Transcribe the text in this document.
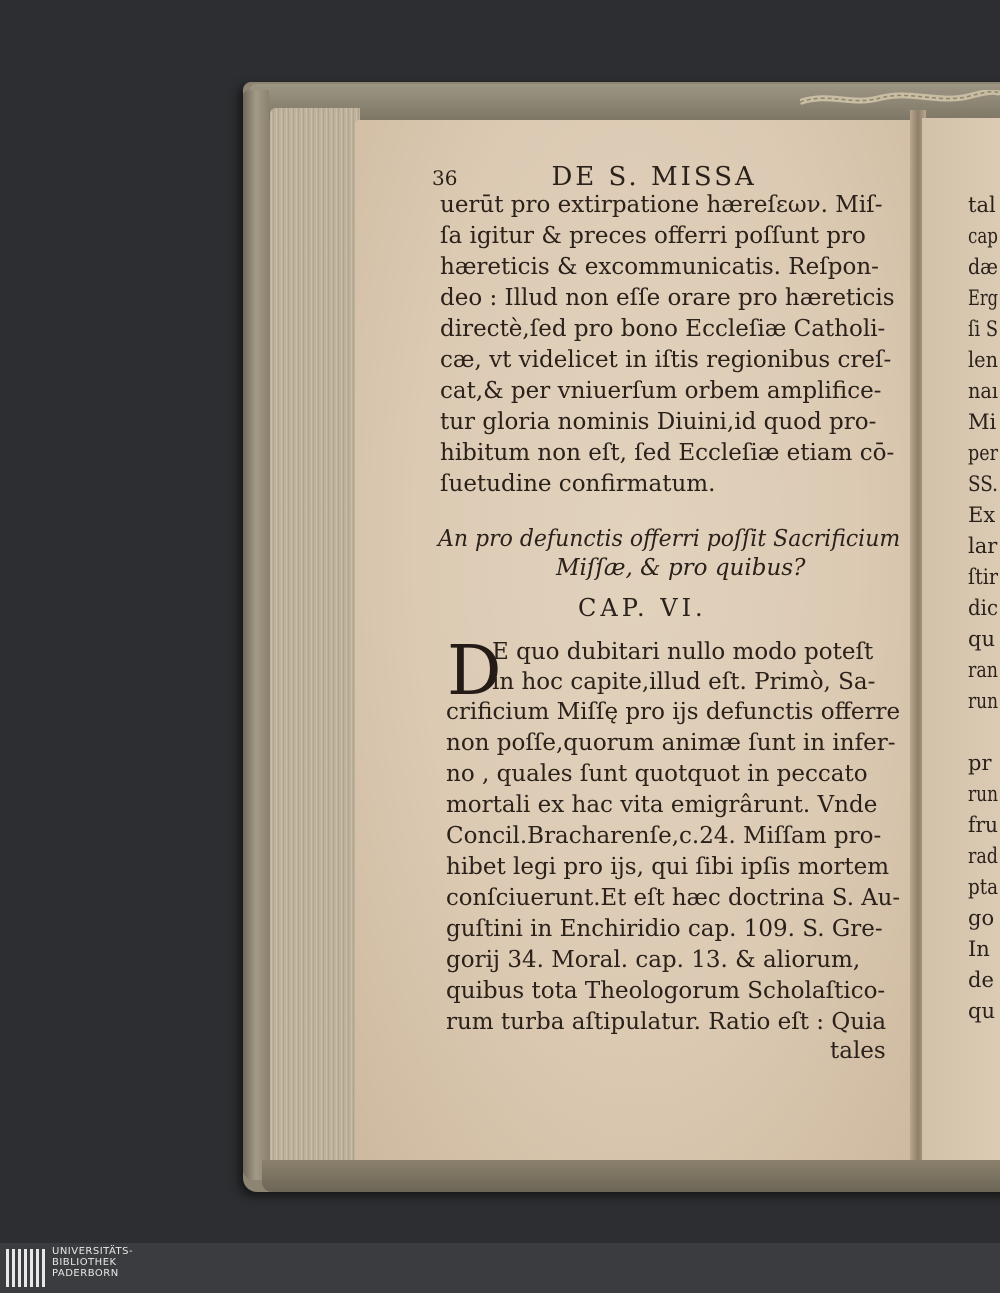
36	DE S. MISSA
uerūt pro extirpatione hæreſεων. Miſ-
ſa igitur & preces offerri poſſunt pro
hæreticis & excommunicatis. Reſpon-
deo : Illud non eſſe orare pro hæreticis
directè,ſed pro bono Eccleſiæ Catholi-
cæ, vt videlicet in iſtis regionibus creſ-
cat,& per vniuerſum orbem amplifice-
tur gloria nominis Diuini,id quod pro-
hibitum non eſt, ſed Eccleſiæ etiam cō-
ſuetudine confirmatum.
An pro defunctis offerri poſſit Sacrificium
Miſſæ, & pro quibus?
CAP. VI.
D
E quo dubitari nullo modo poteſt
in hoc capite,illud eſt. Primò, Sa-
crificium Miſſę pro ijs defunctis offerre
non poſſe,quorum animæ ſunt in infer-
no , quales ſunt quotquot in peccato
mortali ex hac vita emigrârunt. Vnde
Concil.Bracharenſe,c.24. Miſſam pro-
hibet legi pro ijs, qui ſibi ipſis mortem
conſciuerunt.Et eſt hæc doctrina S. Au-
guſtini in Enchiridio cap. 109. S. Gre-
gorij 34. Moral. cap. 13. & aliorum,
quibus tota Theologorum Scholaſtico-
rum turba aſtipulatur. Ratio eſt : Quia
tales
tal
cap
dæ
Erg
ſi S
len
naı
Mi
per
SS.
Ex
lar
ſtir
dic
qu
ran
run
pr
run
fru
rad
pta
go
In
de
qu
UNIVERSITÄTS-
BIBLIOTHEK
PADERBORN
